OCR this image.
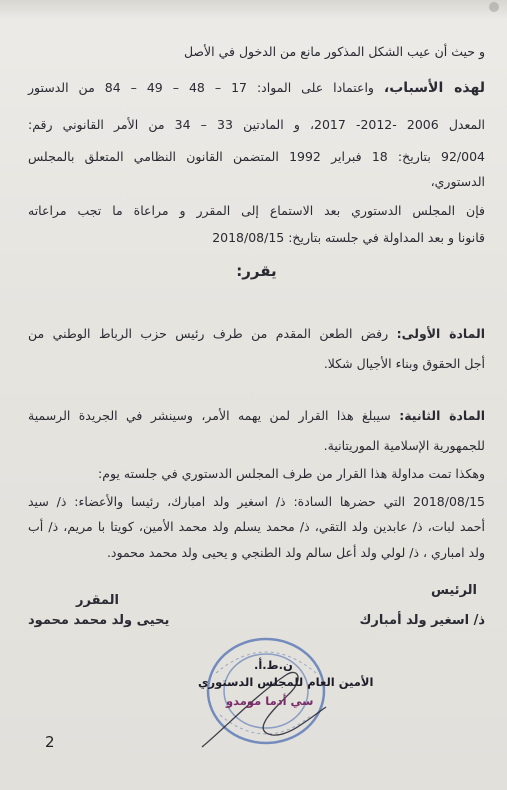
و حيث أن عيب الشكل المذكور مانع من الدخول في الأصل
لهذه الأسباب، واعتمادا على المواد: 17 – 48 – 49 – 84 من الدستور
المعدل 2006 -2012- 2017، و المادتين 33 – 34 من الأمر القانوني رقم:
92/004 بتاريخ: 18 فبراير 1992 المتضمن القانون النظامي المتعلق بالمجلس
الدستوري،
فإن المجلس الدستوري بعد الاستماع إلى المقرر و مراعاة ما تجب مراعاته
قانونا و بعد المداولة في جلسته بتاريخ: 2018/08/15
يقرر:
المادة الأولى: رفض الطعن المقدم من طرف رئيس حزب الرباط الوطني من
أجل الحقوق وبناء الأجيال شكلا.
المادة الثانية: سيبلغ هذا القرار لمن يهمه الأمر، وسينشر في الجريدة الرسمية
للجمهورية الإسلامية الموريتانية.
وهكذا تمت مداولة هذا القرار من طرف المجلس الدستوري في جلسته يوم:
2018/08/15 التي حضرها السادة: ذ/ اسغير ولد امبارك، رئيسا والأعضاء: ذ/ سيد
أحمد لبات، ذ/ عابدين ولد التقي، ذ/ محمد يسلم ولد محمد الأمين، كويتا با مريم، ذ/ أب
ولد امباري ، ذ/ لولي ولد أعل سالم ولد الطنجي و يحيى ولد محمد محمود.
الرئيس
المقرر
ذ/ اسغير ولد أمبارك
يحيى ولد محمد محمود
ن.ط.أ.
الأمين العام للمجلس الدستوري
سي أدما مومدو
2
